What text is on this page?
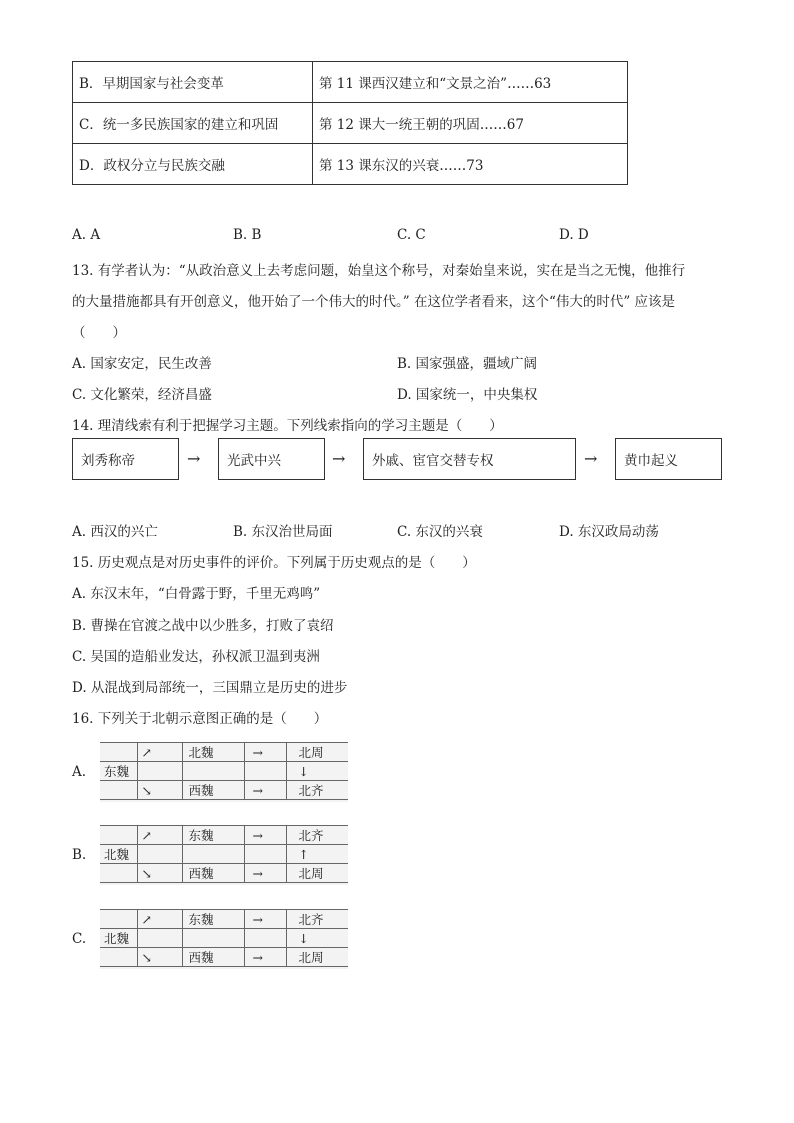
B．早期国家与社会变革	第 11 课西汉建立和“文景之治”……63
C．统一多民族国家的建立和巩固	第 12 课大一统王朝的巩固……67
D．政权分立与民族交融	第 13 课东汉的兴衰……73
A. A	B. B	C. C	D. D
13. 有学者认为：“从政治意义上去考虑问题，始皇这个称号，对秦始皇来说，实在是当之无愧，他推行
的大量措施都具有开创意义，他开始了一个伟大的时代。” 在这位学者看来，这个“伟大的时代” 应该是
（　　）
A. 国家安定，民生改善	B. 国家强盛，疆域广阔
C. 文化繁荣，经济昌盛	D. 国家统一，中央集权
14. 理清线索有利于把握学习主题。下列线索指向的学习主题是（　　）
刘秀称帝	→	光武中兴	→	外戚、宦官交替专权	→	黄巾起义
A. 西汉的兴亡	B. 东汉治世局面	C. 东汉的兴衰	D. 东汉政局动荡
15. 历史观点是对历史事件的评价。下列属于历史观点的是（　　）
A. 东汉末年，“白骨露于野，千里无鸡鸣”
B. 曹操在官渡之战中以少胜多，打败了袁绍
C. 吴国的造船业发达，孙权派卫温到夷洲
D. 从混战到局部统一，三国鼎立是历史的进步
16. 下列关于北朝示意图正确的是（　　）
A.
	↗	北魏	→	北周
东魏				↓
	↘	西魏	→	北齐
B.
	↗	东魏	→	北齐
北魏				↑
	↘	西魏	→	北周
C.
	↗	东魏	→	北齐
北魏				↓
	↘	西魏	→	北周
